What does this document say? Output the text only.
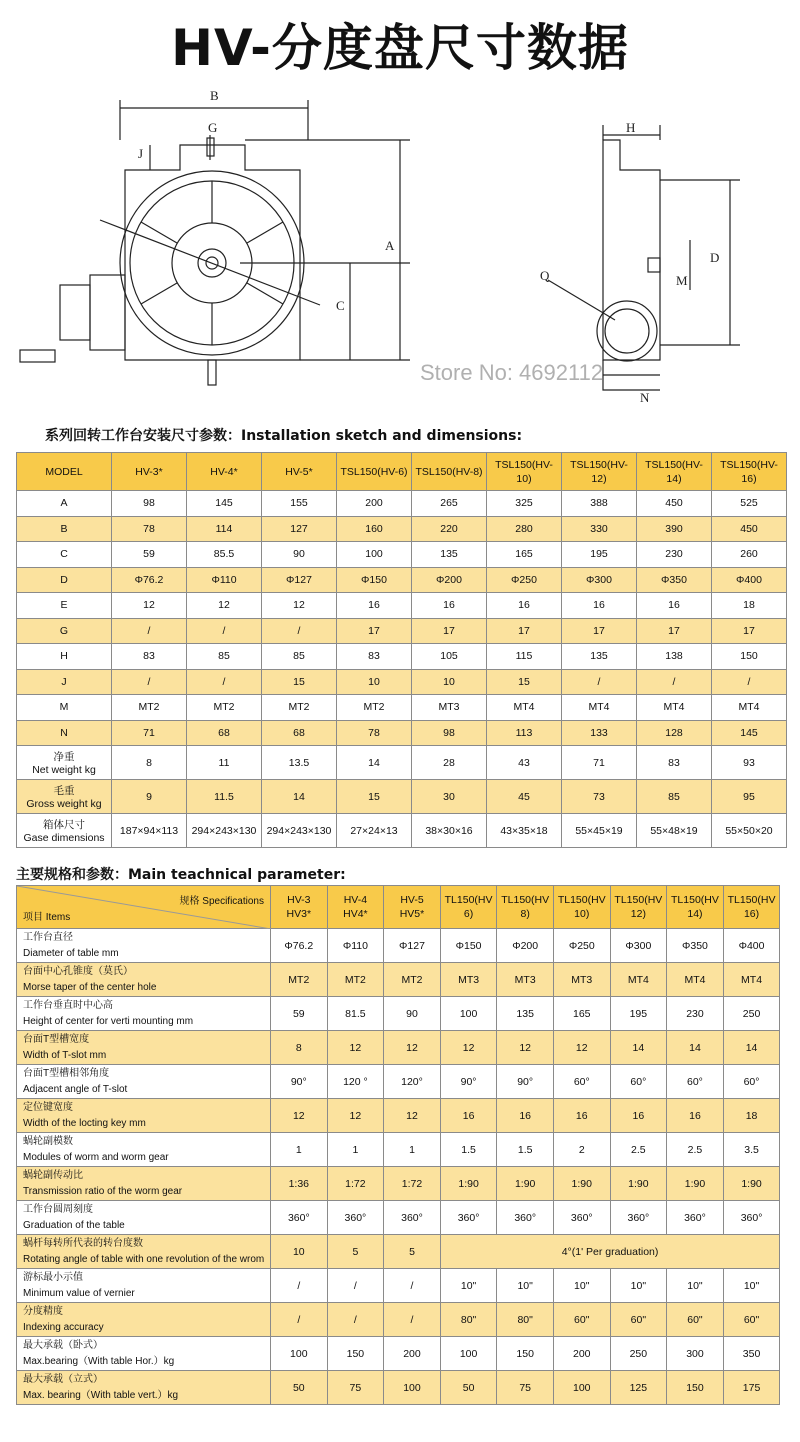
HV-分度盘尺寸数据
B
G
J
A
C
H
D
M
Q
N
Store No: 4692112
系列回转工作台安装尺寸参数：Installation sketch and dimensions:
MODEL	HV-3*	HV-4*	HV-5*	TSL150(HV-6)	TSL150(HV-8)	TSL150(HV-10)	TSL150(HV-12)	TSL150(HV-14)	TSL150(HV-16)
A	98	145	155	200	265	325	388	450	525
B	78	114	127	160	220	280	330	390	450
C	59	85.5	90	100	135	165	195	230	260
D	Φ76.2	Φ110	Φ127	Φ150	Φ200	Φ250	Φ300	Φ350	Φ400
E	12	12	12	16	16	16	16	16	18
G	/	/	/	17	17	17	17	17	17
H	83	85	85	83	105	115	135	138	150
J	/	/	15	10	10	15	/	/	/
M	MT2	MT2	MT2	MT2	MT3	MT4	MT4	MT4	MT4
N	71	68	68	78	98	113	133	128	145
净重
Net weight kg	8	11	13.5	14	28	43	71	83	93
毛重
Gross weight kg	9	11.5	14	15	30	45	73	85	95
箱体尺寸
Gase dimensions	187×94×113	294×243×130	294×243×130	27×24×13	38×30×16	43×35×18	55×45×19	55×48×19	55×50×20
主要规格和参数：Main teachnical parameter:
规格 Specifications
项目 Items	HV-3
HV3*	HV-4
HV4*	HV-5
HV5*	TL150(HV6)	TL150(HV8)	TL150(HV10)	TL150(HV12)	TL150(HV14)	TL150(HV16)
工作台直径
Diameter of table mm	Φ76.2	Φ110	Φ127	Φ150	Φ200	Φ250	Φ300	Φ350	Φ400
台面中心孔锥度（莫氏）
Morse taper of the center hole	MT2	MT2	MT2	MT3	MT3	MT3	MT4	MT4	MT4
工作台垂直时中心高
Height of center for verti mounting mm	59	81.5	90	100	135	165	195	230	250
台面T型槽宽度
Width of T-slot mm	8	12	12	12	12	12	14	14	14
台面T型槽相邻角度
Adjacent angle of T-slot	90°	120 °	120°	90°	90°	60°	60°	60°	60°
定位键宽度
Width of the locting key mm	12	12	12	16	16	16	16	16	18
蜗轮副模数
Modules of worm and worm gear	1	1	1	1.5	1.5	2	2.5	2.5	3.5
蜗轮副传动比
Transmission ratio of the worm gear	1:36	1:72	1:72	1:90	1:90	1:90	1:90	1:90	1:90
工作台圆周刻度
Graduation of the table	360°	360°	360°	360°	360°	360°	360°	360°	360°
蜗杆每转所代表的转台度数
Rotating angle of table with one revolution of the wrom	10	5	5	4°(1' Per graduation)					
游标最小示值
Minimum value of vernier	/	/	/	10"	10"	10"	10"	10"	10"
分度精度
Indexing accuracy	/	/	/	80"	80"	60"	60"	60"	60"
最大承载（卧式）
Max.bearing（With table Hor.）kg	100	150	200	100	150	200	250	300	350
最大承载（立式）
Max. bearing（With table vert.）kg	50	75	100	50	75	100	125	150	175
